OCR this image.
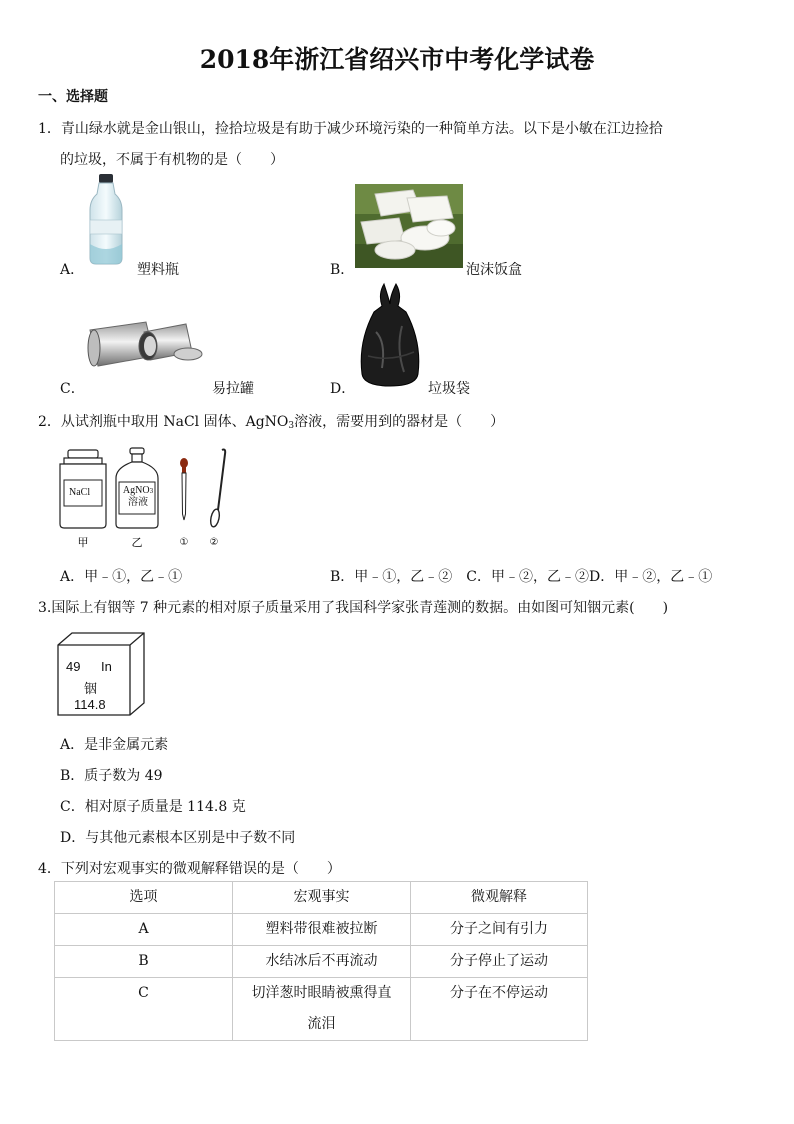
2018年浙江省绍兴市中考化学试卷
一、选择题
1．青山绿水就是金山银山，捡拾垃圾是有助于减少环境污染的一种简单方法。以下是小敏在江边捡拾
的垃圾，不属于有机物的是（　　）
A．	塑料瓶	B．	泡沫饭盒
C．	易拉罐	D．	垃圾袋
2．从试剂瓶中取用 NaCl 固体、AgNO$_3$溶液，需要用到的器材是（　　）
甲	乙	① ②
NaCl	AgNO3
溶液
A．甲﹣①，乙﹣①	B．甲﹣①，乙﹣②　C．甲﹣②，乙﹣②D．甲﹣②，乙﹣①
3.国际上有铟等 7 种元素的相对原子质量采用了我国科学家张青莲测的数据。由如图可知铟元素(　　)
49 In
铟
114.8
A．是非金属元素
B．质子数为 49
C．相对原子质量是 114.8 克
D．与其他元素根本区别是中子数不同
4．下列对宏观事实的微观解释错误的是（　　）
选项	宏观事实	微观解释
A	塑料带很难被拉断	分子之间有引力
B	水结冰后不再流动	分子停止了运动
C	切洋葱时眼睛被熏得直
流泪	分子在不停运动
